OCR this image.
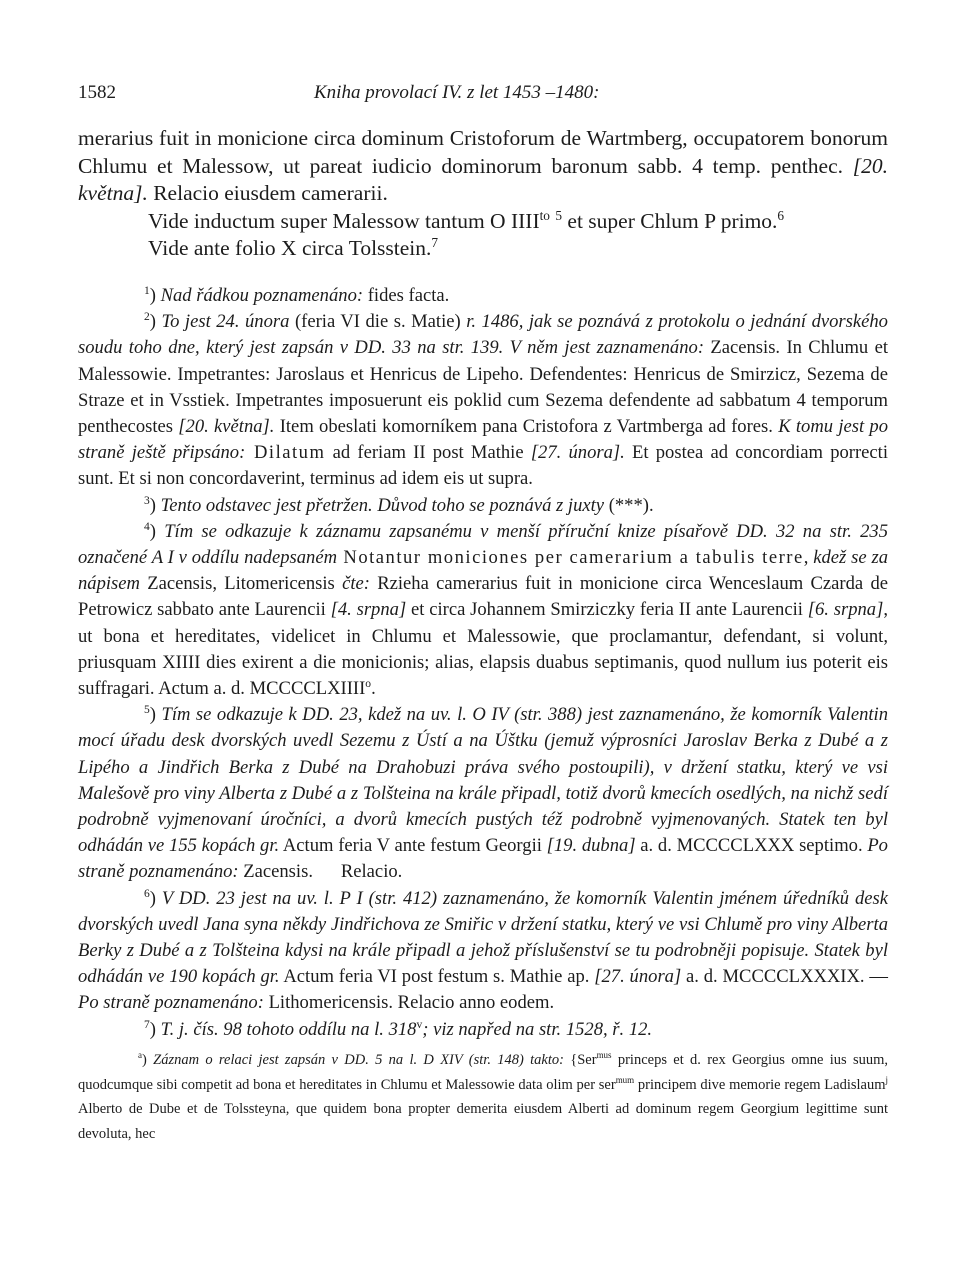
1582	Kniha provolací IV. z let 1453 –1480:

merarius fuit in monicione circa dominum Cristoforum de Wartmberg, occupatorem bonorum Chlumu et Malessow, ut pareat iudicio dominorum baronum sabb. 4 temp. penthec. [20. května]. Relacio eiusdem camerarii.

Vide inductum super Malessow tantum O $IIII^{to}$ $^5$ et super Chlum P primo.$^6$

Vide ante folio X circa Tolsstein.$^7$

$^1$) Nad řádkou poznamenáno: fides facta.

$^2$) To jest 24. února (feria VI die s. Matie) r. 1486, jak se poznává z protokolu o jednání dvorského soudu toho dne, který jest zapsán v DD. 33 na str. 139. V něm jest zaznamenáno: Zacensis. In Chlumu et Malessowie. Impetrantes: Jaroslaus et Henricus de Lipeho. Defendentes: Henricus de Smirzicz, Sezema de Straze et in Vsstiek. Impetrantes imposuerunt eis poklid cum Sezema defendente ad sabbatum 4 temporum penthecostes [20. května]. Item obeslati komorníkem pana Cristofora z Vartmberga ad fores. K tomu jest po straně ještě připsáno: Dilatum ad feriam II post Mathie [27. února]. Et postea ad concordiam porrecti sunt. Et si non concordaverint, terminus ad idem eis ut supra.

$^3$) Tento odstavec jest přetržen. Důvod toho se poznává z juxty (***).

$^4$) Tím se odkazuje k záznamu zapsanému v menší příruční knize písařově DD. 32 na str. 235 označené A I v oddílu nadepsaném Notantur moniciones per camerarium a tabulis terre, kdež se za nápisem Zacensis, Litomericensis čte: Rzieha camerarius fuit in monicione circa Wenceslaum Czarda de Petrowicz sabbato ante Laurencii [4. srpna] et circa Johannem Smirziczky feria II ante Laurencii [6. srpna], ut bona et hereditates, videlicet in Chlumu et Malessowie, que proclamantur, defendant, si volunt, priusquam XIIII dies exirent a die monicionis; alias, elapsis duabus septimanis, quod nullum ius poterit eis suffragari. Actum a. d. MCCCCLXIIII$^o$.

$^5$) Tím se odkazuje k DD. 23, kdež na uv. l. O IV (str. 388) jest zaznamenáno, že komorník Valentin mocí úřadu desk dvorských uvedl Sezemu z Ústí a na Úštku (jemuž výprosníci Jaroslav Berka z Dubé a z Lipého a Jindřich Berka z Dubé na Drahobuzi práva svého postoupili), v držení statku, který ve vsi Malešově pro viny Alberta z Dubé a z Tolšteina na krále připadl, totiž dvorů kmecích osedlých, na nichž sedí podrobně vyjmenovaní úročníci, a dvorů kmecích pustých též podrobně vyjmenovaných. Statek ten byl odhádán ve 155 kopách gr. Actum feria V ante festum Georgii [19. dubna] a. d. MCCCCLXXX septimo. Po straně poznamenáno: Zacensis.      Relacio.

$^6$) V DD. 23 jest na uv. l. P I (str. 412) zaznamenáno, že komorník Valentin jménem úředníků desk dvorských uvedl Jana syna někdy Jindřichova ze Smiřic v držení statku, který ve vsi Chlumě pro viny Alberta Berky z Dubé a z Tolšteina kdysi na krále připadl a jehož příslušenství se tu podrobněji popisuje. Statek byl odhádán ve 190 kopách gr. Actum feria VI post festum s. Mathie ap. [27. února] a. d. MCCCCLXXXIX. — Po straně poznamenáno: Lithomericensis. Relacio anno eodem.

$^7$) T. j. čís. 98 tohoto oddílu na l. 318$^v$; viz napřed na str. 1528, ř. 12.

$^a$) Záznam o relaci jest zapsán v DD. 5 na l. D XIV (str. 148) takto: {Ser$^{mus}$ princeps et d. rex Georgius omne ius suum, quodcumque sibi competit ad bona et hereditates in Chlumu et Malessowie data olim per ser$^{mum}$ principem dive memorie regem Ladislaum$^j$ Alberto de Dube et de Tolssteyna, que quidem bona propter demerita eiusdem Alberti ad dominum regem Georgium legittime sunt devoluta, hec
